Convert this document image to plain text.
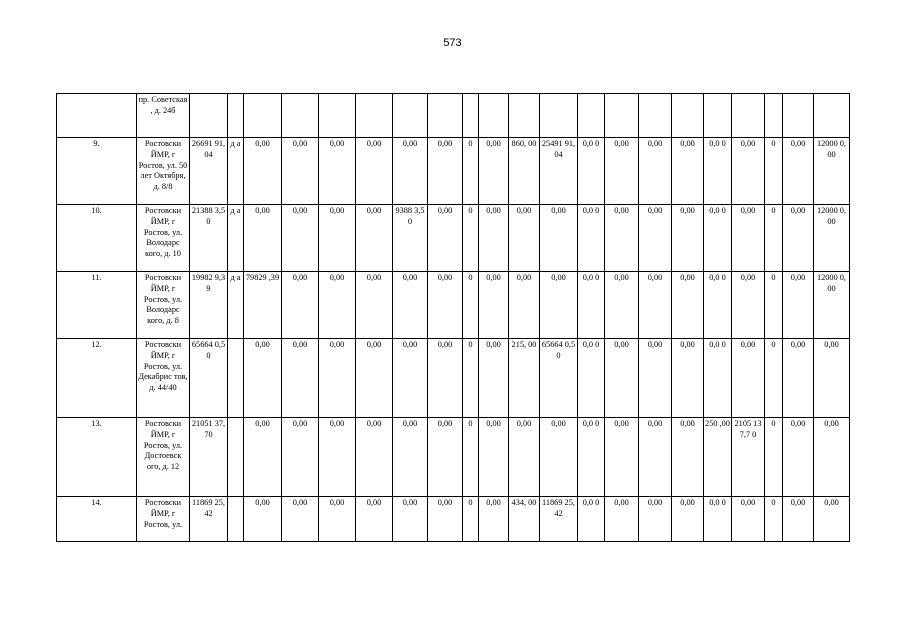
573
	пр. Советская , д. 24б																					
9.	Ростовски ЙМР, г Ростов, ул. 50 лет Октября, д. 8/8	26691 91,04	д а	0,00	0,00	0,00	0,00	0,00	0,00	0	0,00	860, 00	25491 91,04	0,0 0	0,00	0,00	0,00	0,0 0	0,00	0	0,00	12000 0,00
10.	Ростовски ЙМР, г Ростов, ул. Володарс кого, д. 10	21388 3,50	д а	0,00	0,00	0,00	0,00	9388 3,50	0,00	0	0,00	0,00	0,00	0,0 0	0,00	0,00	0,00	0,0 0	0,00	0	0,00	12000 0,00
11.	Ростовски ЙМР, г Ростов, ул. Володарс кого, д. 8	19982 9,39	д а	79829 ,39	0,00	0,00	0,00	0,00	0,00	0	0,00	0,00	0,00	0,0 0	0,00	0,00	0,00	0,0 0	0,00	0	0,00	12000 0,00
12.	Ростовски ЙМР, г Ростов, ул. Декабрис тов, д. 44/40	65664 0,50		0,00	0,00	0,00	0,00	0,00	0,00	0	0,00	215, 00	65664 0,50	0,0 0	0,00	0,00	0,00	0,0 0	0,00	0	0,00	0,00
13.	Ростовски ЙМР, г Ростов, ул. Достоевск ого, д. 12	21051 37,70		0,00	0,00	0,00	0,00	0,00	0,00	0	0,00	0,00	0,00	0,0 0	0,00	0,00	0,00	250 ,00	2105 137,7 0	0	0,00	0,00
14.	Ростовски ЙМР, г Ростов, ул.	11869 25,42		0,00	0,00	0,00	0,00	0,00	0,00	0	0,00	434, 00	11869 25,42	0,0 0	0,00	0,00	0,00	0,0 0	0,00	0	0,00	0,00
